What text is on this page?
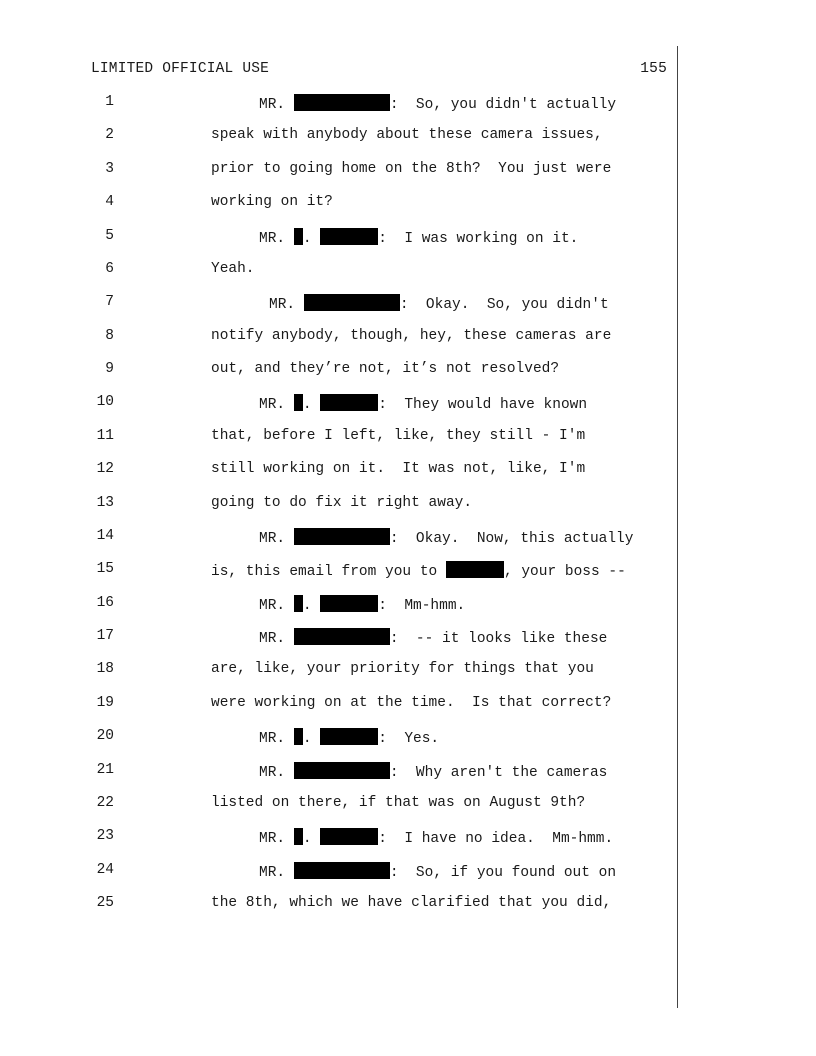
LIMITED OFFICIAL USE	155
1	MR.	:  So, you didn't actually
2	speak with anybody about these camera issues,
3	prior to going home on the 8th?  You just were
4	working on it?
5	MR. .	:  I was working on it.
6	Yeah.
7	MR.	:  Okay.  So, you didn't
8	notify anybody, though, hey, these cameras are
9	out, and they’re not, it’s not resolved?
10	MR. .	:  They would have known
11	that, before I left, like, they still - I'm
12	still working on it.  It was not, like, I'm
13	going to do fix it right away.
14	MR.	:  Okay.  Now, this actually
15	is, this email from you to	, your boss --
16	MR. .	:  Mm-hmm.
17	MR.	:  -- it looks like these
18	are, like, your priority for things that you
19	were working on at the time.  Is that correct?
20	MR. .	:  Yes.
21	MR.	:  Why aren't the cameras
22	listed on there, if that was on August 9th?
23	MR. .	:  I have no idea.  Mm-hmm.
24	MR.	:  So, if you found out on
25	the 8th, which we have clarified that you did,
